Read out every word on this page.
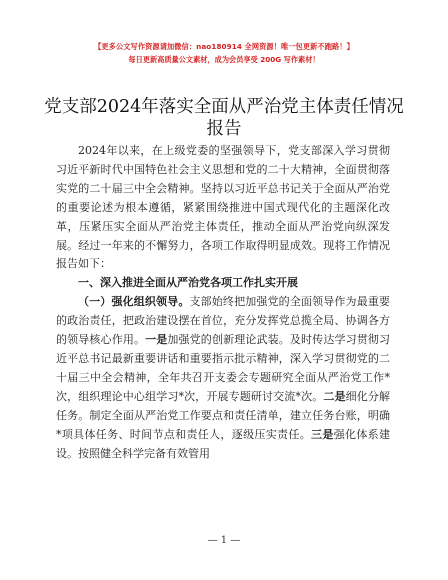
【更多公文写作资源请加微信：nao180914 全网资源！唯一包更新不跑路！】
每日更新高质量公文素材，成为会员享受 200G 写作素材！
党支部2024年落实全面从严治党主体责任情况报告

2024年以来，在上级党委的坚强领导下，党支部深入学习贯彻习近平新时代中国特色社会主义思想和党的二十大精神，全面贯彻落实党的二十届三中全会精神。坚持以习近平总书记关于全面从严治党的重要论述为根本遵循，紧紧围绕推进中国式现代化的主题深化改革，压紧压实全面从严治党主体责任，推动全面从严治党向纵深发展。经过一年来的不懈努力，各项工作取得明显成效。现将工作情况报告如下：

一、深入推进全面从严治党各项工作扎实开展

（一）强化组织领导。支部始终把加强党的全面领导作为最重要的政治责任，把政治建设摆在首位，充分发挥党总揽全局、协调各方的领导核心作用。一是加强党的创新理论武装。及时传达学习贯彻习近平总书记最新重要讲话和重要指示批示精神，深入学习贯彻党的二十届三中全会精神，全年共召开支委会专题研究全面从严治党工作*次，组织理论中心组学习*次，开展专题研讨交流*次。二是细化分解任务。制定全面从严治党工作要点和责任清单，建立任务台账，明确*项具体任务、时间节点和责任人，逐级压实责任。三是强化体系建设。按照健全科学完备有效管用

— 1 —
